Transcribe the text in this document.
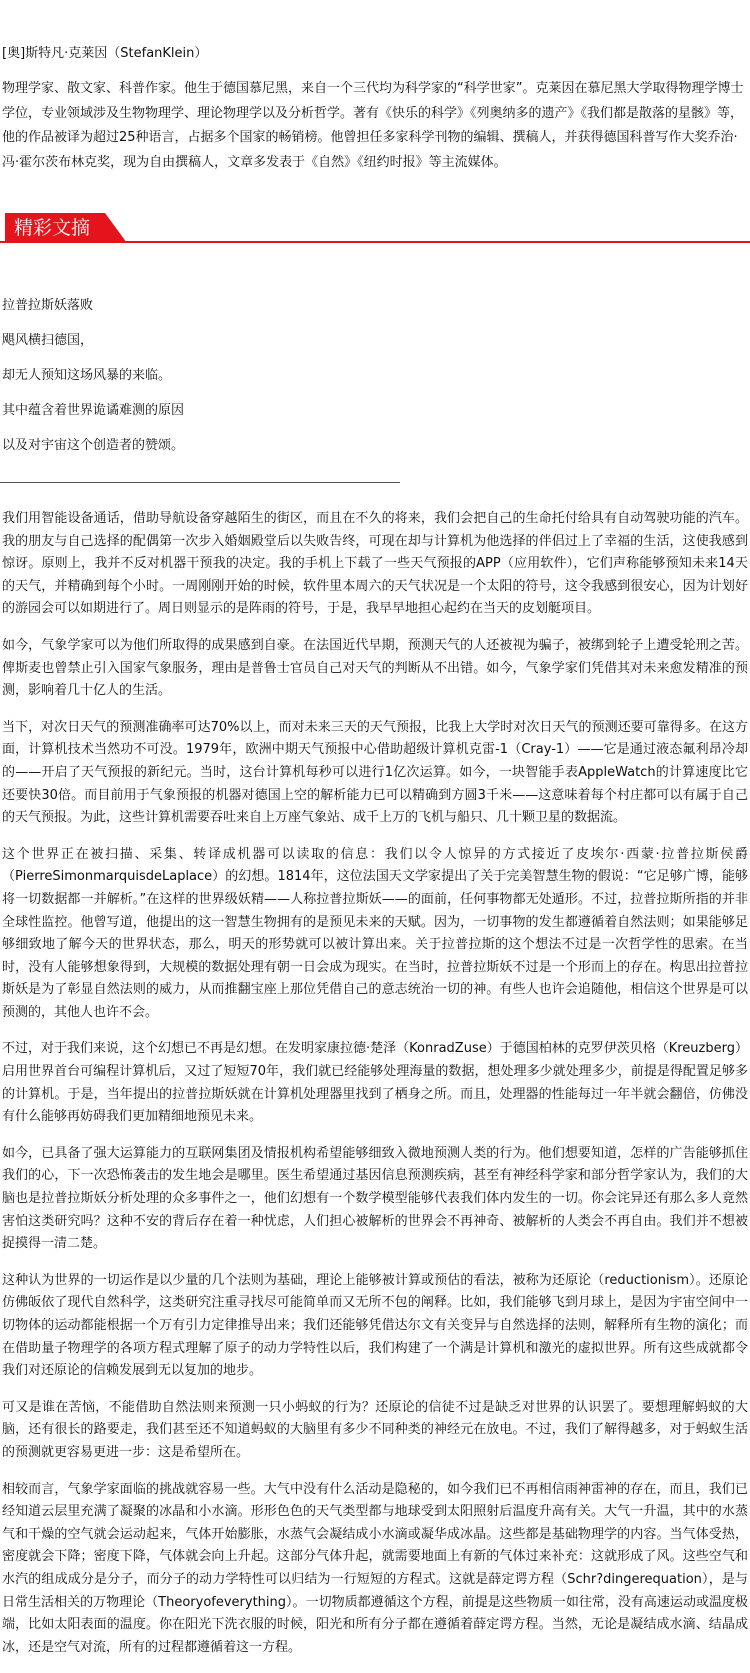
[奥]斯特凡·克莱因（StefanKlein）
物理学家、散文家、科普作家。他生于德国慕尼黑，来自一个三代均为科学家的“科学世家”。克莱因在慕尼黑大学取得物理学博士学位，专业领域涉及生物物理学、理论物理学以及分析哲学。著有《快乐的科学》《列奥纳多的遗产》《我们都是散落的星骸》等，他的作品被译为超过25种语言，占据多个国家的畅销榜。他曾担任多家科学刊物的编辑、撰稿人，并获得德国科普写作大奖乔治·冯·霍尔茨布林克奖，现为自由撰稿人，文章多发表于《自然》《纽约时报》等主流媒体。
精彩文摘
拉普拉斯妖落败
飓风横扫德国，
却无人预知这场风暴的来临。
其中蕴含着世界诡谲难测的原因
以及对宇宙这个创造者的赞颂。

我们用智能设备通话，借助导航设备穿越陌生的街区，而且在不久的将来，我们会把自己的生命托付给具有自动驾驶功能的汽车。我的朋友与自己选择的配偶第一次步入婚姻殿堂后以失败告终，可现在却与计算机为他选择的伴侣过上了幸福的生活，这使我感到惊讶。原则上，我并不反对机器干预我的决定。我的手机上下载了一些天气预报的APP（应用软件），它们声称能够预知未来14天的天气，并精确到每个小时。一周刚刚开始的时候，软件里本周六的天气状况是一个太阳的符号，这令我感到很安心，因为计划好的游园会可以如期进行了。周日则显示的是阵雨的符号，于是，我早早地担心起约在当天的皮划艇项目。

如今，气象学家可以为他们所取得的成果感到自豪。在法国近代早期，预测天气的人还被视为骗子，被绑到轮子上遭受轮刑之苦。俾斯麦也曾禁止引入国家气象服务，理由是普鲁士官员自己对天气的判断从不出错。如今，气象学家们凭借其对未来愈发精准的预测，影响着几十亿人的生活。

当下，对次日天气的预测准确率可达70%以上，而对未来三天的天气预报，比我上大学时对次日天气的预测还要可靠得多。在这方面，计算机技术当然功不可没。1979年，欧洲中期天气预报中心借助超级计算机克雷-1（Cray-1）——它是通过液态氟利昂冷却的——开启了天气预报的新纪元。当时，这台计算机每秒可以进行1亿次运算。如今，一块智能手表AppleWatch的计算速度比它还要快30倍。而目前用于气象预报的机器对德国上空的解析能力已可以精确到方圆3千米——这意味着每个村庄都可以有属于自己的天气预报。为此，这些计算机需要吞吐来自上万座气象站、成千上万的飞机与船只、几十颗卫星的数据流。

这个世界正在被扫描、采集、转译成机器可以读取的信息：我们以令人惊异的方式接近了皮埃尔·西蒙·拉普拉斯侯爵（PierreSimonmarquisdeLaplace）的幻想。1814年，这位法国天文学家提出了关于完美智慧生物的假说：“它足够广博，能够将一切数据都一并解析。”在这样的世界级妖精——人称拉普拉斯妖——的面前，任何事物都无处遁形。不过，拉普拉斯所指的并非全球性监控。他曾写道，他提出的这一智慧生物拥有的是预见未来的天赋。因为，一切事物的发生都遵循着自然法则；如果能够足够细致地了解今天的世界状态，那么，明天的形势就可以被计算出来。关于拉普拉斯的这个想法不过是一次哲学性的思索。在当时，没有人能够想象得到，大规模的数据处理有朝一日会成为现实。在当时，拉普拉斯妖不过是一个形而上的存在。构思出拉普拉斯妖是为了彰显自然法则的威力，从而推翻宝座上那位凭借自己的意志统治一切的神。有些人也许会追随他，相信这个世界是可以预测的，其他人也许不会。

不过，对于我们来说，这个幻想已不再是幻想。在发明家康拉德·楚泽（KonradZuse）于德国柏林的克罗伊茨贝格（Kreuzberg）启用世界首台可编程计算机后，又过了短短70年，我们就已经能够处理海量的数据，想处理多少就处理多少，前提是得配置足够多的计算机。于是，当年提出的拉普拉斯妖就在计算机处理器里找到了栖身之所。而且，处理器的性能每过一年半就会翻倍，仿佛没有什么能够再妨碍我们更加精细地预见未来。

如今，已具备了强大运算能力的互联网集团及情报机构希望能够细致入微地预测人类的行为。他们想要知道，怎样的广告能够抓住我们的心，下一次恐怖袭击的发生地会是哪里。医生希望通过基因信息预测疾病，甚至有神经科学家和部分哲学家认为，我们的大脑也是拉普拉斯妖分析处理的众多事件之一，他们幻想有一个数学模型能够代表我们体内发生的一切。你会诧异还有那么多人竟然害怕这类研究吗？这种不安的背后存在着一种忧虑，人们担心被解析的世界会不再神奇、被解析的人类会不再自由。我们并不想被捉摸得一清二楚。

这种认为世界的一切运作是以少量的几个法则为基础，理论上能够被计算或预估的看法，被称为还原论（reductionism）。还原论仿佛皈依了现代自然科学，这类研究注重寻找尽可能简单而又无所不包的阐释。比如，我们能够飞到月球上，是因为宇宙空间中一切物体的运动都能根据一个万有引力定律推导出来；我们还能够凭借达尔文有关变异与自然选择的法则，解释所有生物的演化；而在借助量子物理学的各项方程式理解了原子的动力学特性以后，我们构建了一个满是计算机和激光的虚拟世界。所有这些成就都令我们对还原论的信赖发展到无以复加的地步。

可又是谁在苦恼，不能借助自然法则来预测一只小蚂蚁的行为？还原论的信徒不过是缺乏对世界的认识罢了。要想理解蚂蚁的大脑，还有很长的路要走，我们甚至还不知道蚂蚁的大脑里有多少不同种类的神经元在放电。不过，我们了解得越多，对于蚂蚁生活的预测就更容易更进一步：这是希望所在。

相较而言，气象学家面临的挑战就容易一些。大气中没有什么活动是隐秘的，如今我们已不再相信雨神雷神的存在，而且，我们已经知道云层里充满了凝聚的冰晶和小水滴。形形色色的天气类型都与地球受到太阳照射后温度升高有关。大气一升温，其中的水蒸气和干燥的空气就会运动起来，气体开始膨胀，水蒸气会凝结成小水滴或凝华成冰晶。这些都是基础物理学的内容。当气体受热，密度就会下降；密度下降，气体就会向上升起。这部分气体升起，就需要地面上有新的气体过来补充：这就形成了风。这些空气和水汽的组成成分是分子，而分子的动力学特性可以归结为一行短短的方程式。这就是薛定谔方程（Schr?dingerequation），是与日常生活相关的万物理论（Theoryofeverything）。一切物质都遵循这个方程，前提是这些物质一如往常，没有高速运动或温度极端，比如太阳表面的温度。你在阳光下洗衣服的时候，阳光和所有分子都在遵循着薛定谔方程。当然，无论是凝结成水滴、结晶成冰，还是空气对流，所有的过程都遵循着这一方程。
